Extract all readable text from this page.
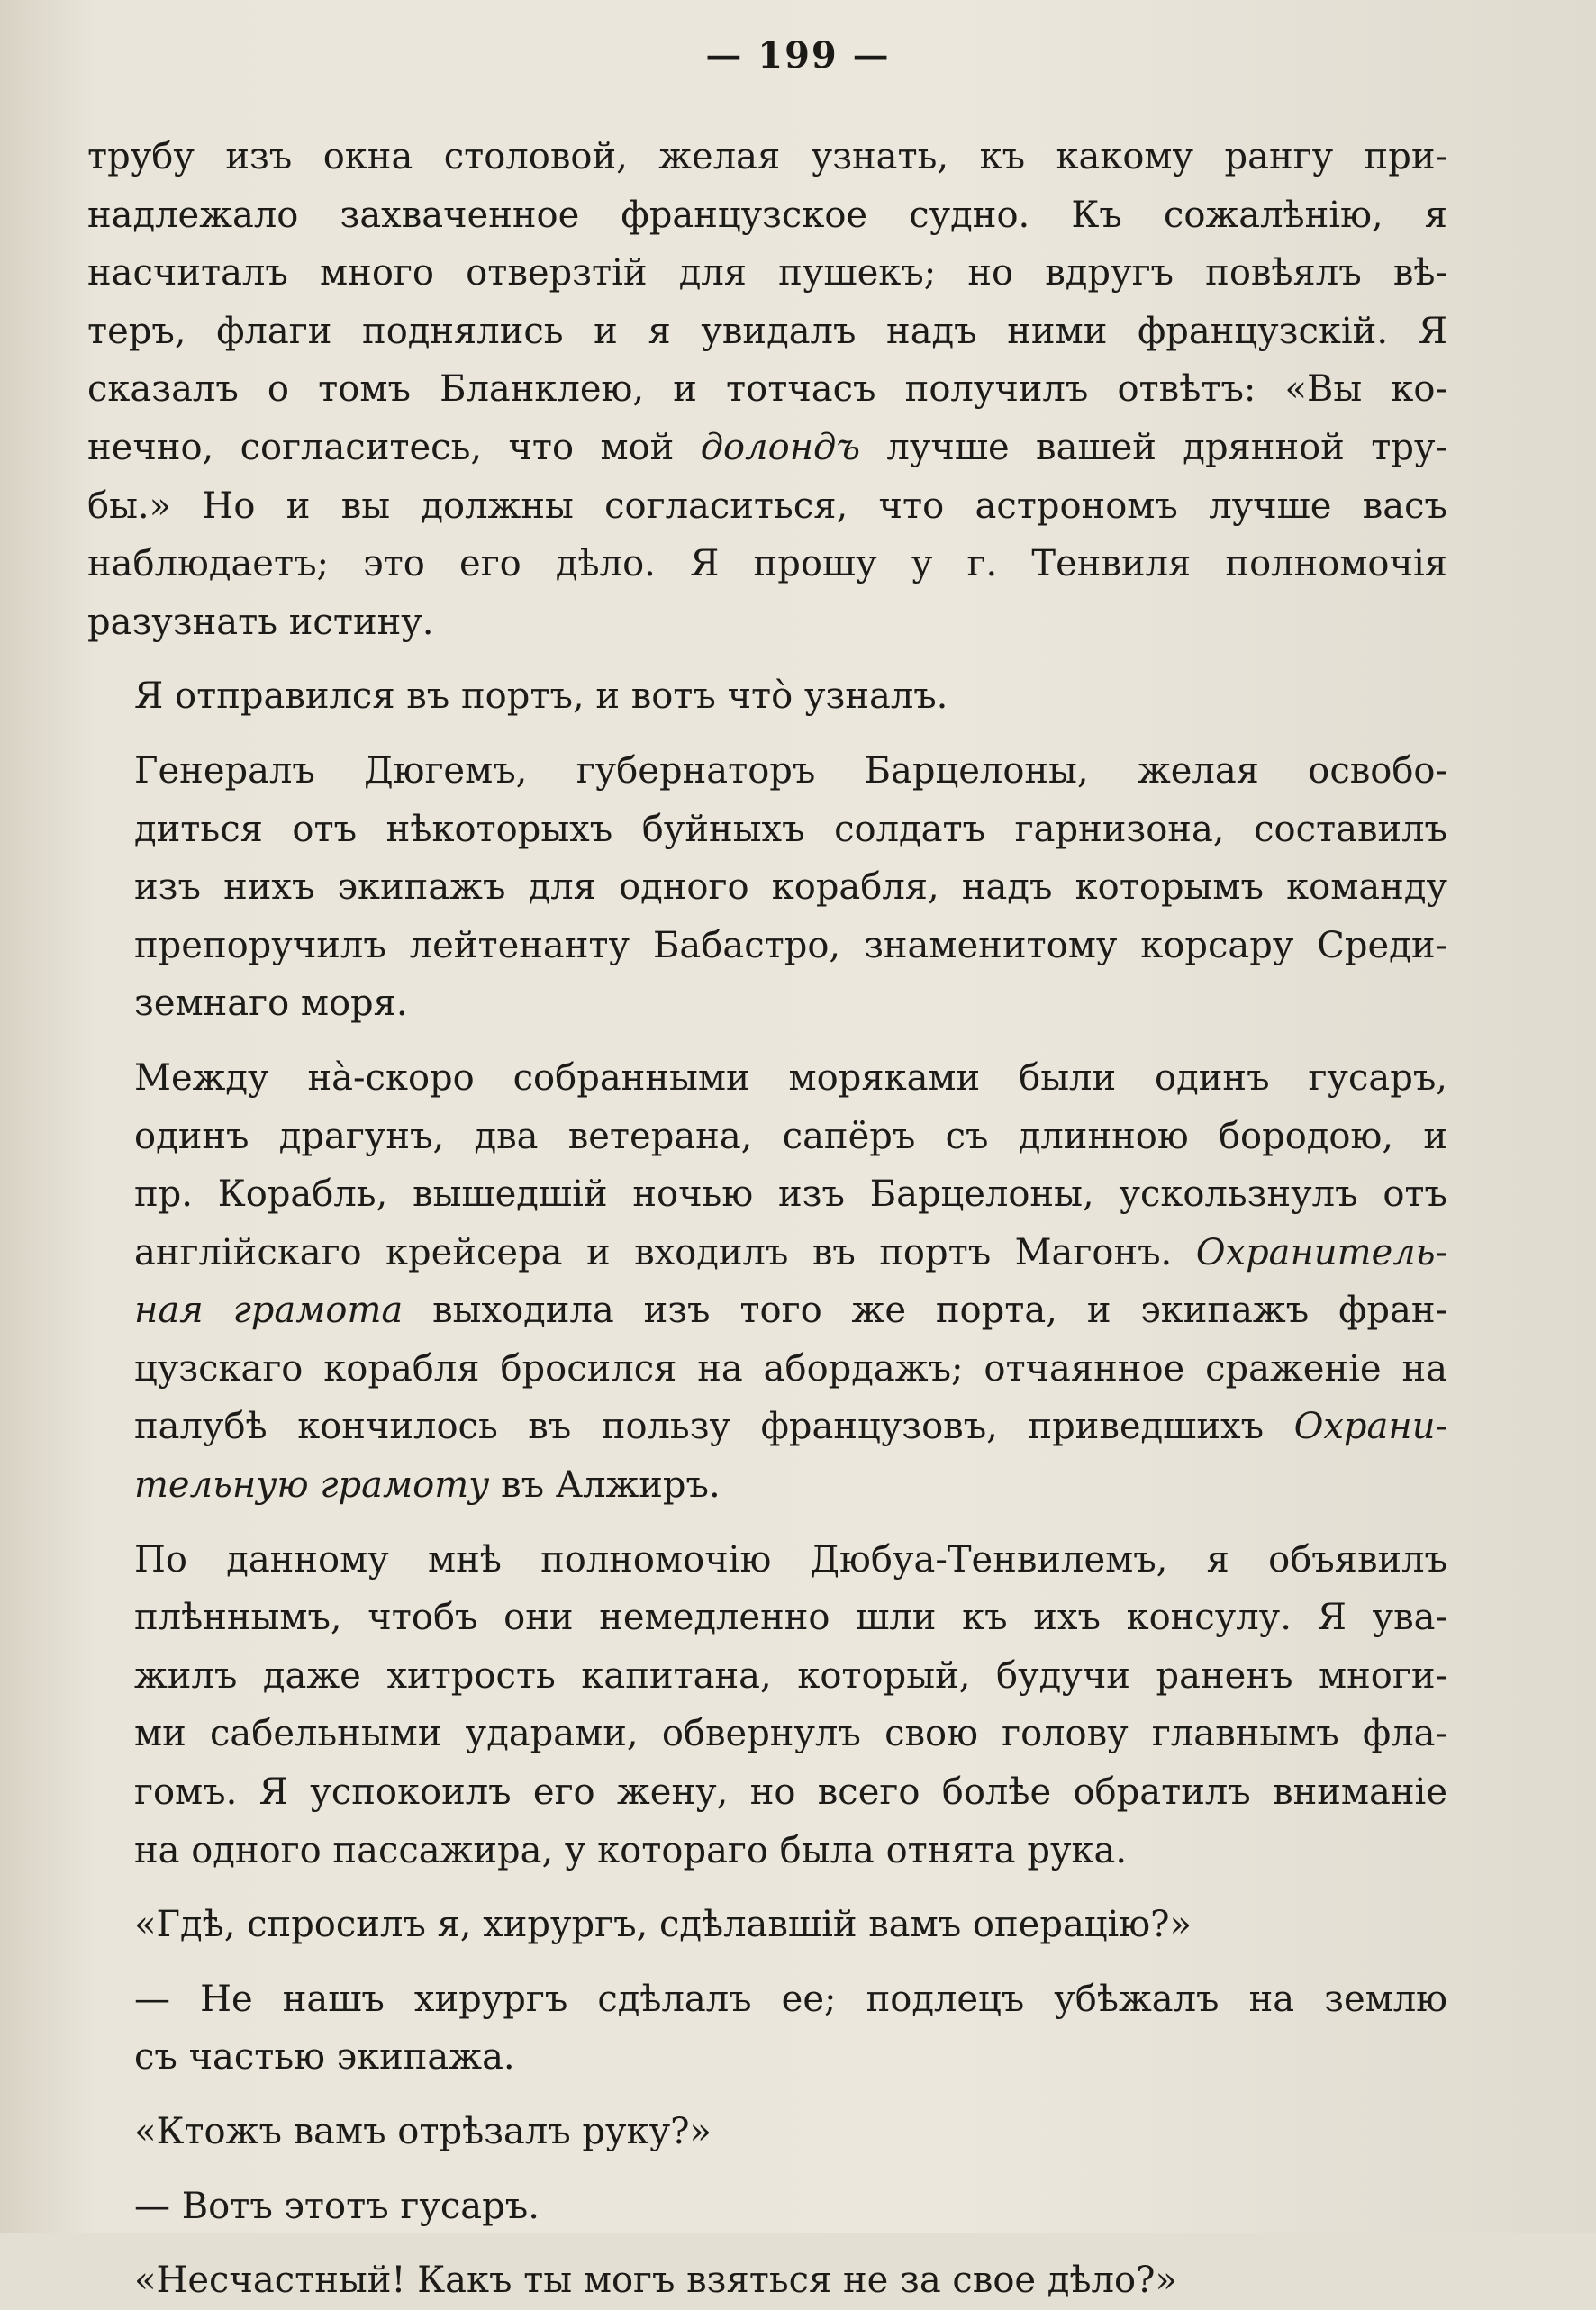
— 199 —

трубу изъ окна столовой, желая узнать, къ какому рангу при-
надлежало захваченное французское судно. Къ сожалѣнію, я
насчиталъ много отверзтій для пушекъ; но вдругъ повѣялъ вѣ-
теръ, флаги поднялись и я увидалъ надъ ними французскій. Я
сказалъ о томъ Бланклею, и тотчасъ получилъ отвѣтъ: «Вы ко-
нечно, согласитесь, что мой долондъ лучше вашей дрянной тру-
бы.» Но и вы должны согласиться, что астрономъ лучше васъ
наблюдаетъ; это его дѣло. Я прошу у г. Тенвиля полномочія
разузнать истину.

Я отправился въ портъ, и вотъ что̀ узналъ.

Генералъ Дюгемъ, губернаторъ Барцелоны, желая освобо-
диться отъ нѣкоторыхъ буйныхъ солдатъ гарнизона, составилъ
изъ нихъ экипажъ для одного корабля, надъ которымъ команду
препоручилъ лейтенанту Бабастро, знаменитому корсару Среди-
земнаго моря.

Между на̀-скоро собранными моряками были одинъ гусаръ,
одинъ драгунъ, два ветерана, сапёръ съ длинною бородою, и
пр. Корабль, вышедшій ночью изъ Барцелоны, ускользнулъ отъ
англійскаго крейсера и входилъ въ портъ Магонъ. Охранитель-
ная грамота выходила изъ того же порта, и экипажъ фран-
цузскаго корабля бросился на абордажъ; отчаянное сраженіе на
палубѣ кончилось въ пользу французовъ, приведшихъ Охрани-
тельную грамоту въ Алжиръ.

По данному мнѣ полномочію Дюбуа-Тенвилемъ, я объявилъ
плѣннымъ, чтобъ они немедленно шли къ ихъ консулу. Я ува-
жилъ даже хитрость капитана, который, будучи раненъ многи-
ми сабельными ударами, обвернулъ свою голову главнымъ фла-
гомъ. Я успокоилъ его жену, но всего болѣе обратилъ вниманіе
на одного пассажира, у котораго была отнята рука.

«Гдѣ, спросилъ я, хирургъ, сдѣлавшій вамъ операцію?»

— Не нашъ хирургъ сдѣлалъ ее; подлецъ убѣжалъ на землю
съ частью экипажа.

«Ктожъ вамъ отрѣзалъ руку?»

— Вотъ этотъ гусаръ.

«Несчастный! Какъ ты могъ взяться не за свое дѣло?»
